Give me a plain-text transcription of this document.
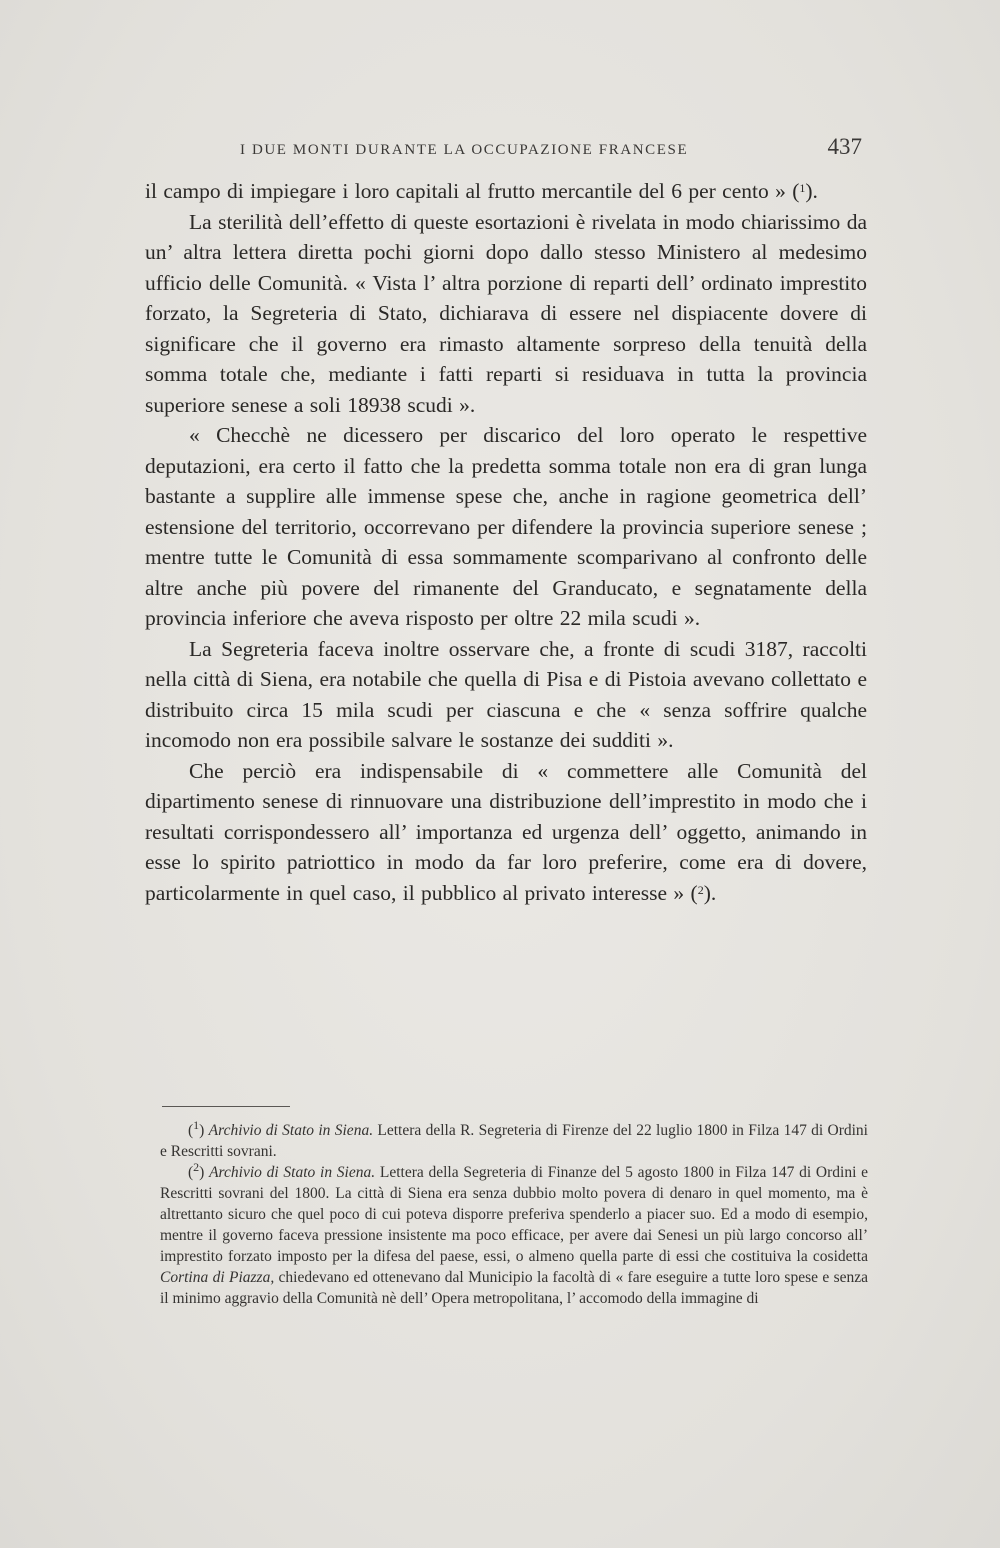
I DUE MONTI DURANTE LA OCCUPAZIONE FRANCESE	437

il campo di impiegare i loro capitali al frutto mercantile del 6 per cento » ($^1$).

La sterilità dell’effetto di queste esortazioni è rivelata in modo chiarissimo da un’ altra lettera diretta pochi giorni dopo dallo stesso Ministero al medesimo ufficio delle Comunità. « Vista l’ altra porzione di reparti dell’ ordinato imprestito forzato, la Segreteria di Stato, dichiarava di essere nel dispiacente dovere di significare che il governo era rimasto altamente sorpreso della tenuità della somma totale che, mediante i fatti reparti si residuava in tutta la provincia superiore senese a soli 18938 scudi ».

« Checchè ne dicessero per discarico del loro operato le respettive deputazioni, era certo il fatto che la predetta somma totale non era di gran lunga bastante a supplire alle immense spese che, anche in ragione geometrica dell’ estensione del territorio, occorrevano per difendere la provincia superiore senese ; mentre tutte le Comunità di essa sommamente scomparivano al confronto delle altre anche più povere del rimanente del Granducato, e segnatamente della provincia inferiore che aveva risposto per oltre 22 mila scudi ».

La Segreteria faceva inoltre osservare che, a fronte di scudi 3187, raccolti nella città di Siena, era notabile che quella di Pisa e di Pistoia avevano collettato e distribuito circa 15 mila scudi per ciascuna e che « senza soffrire qualche incomodo non era possibile salvare le sostanze dei sudditi ».

Che perciò era indispensabile di « commettere alle Comunità del dipartimento senese di rinnuovare una distribuzione dell’imprestito in modo che i resultati corrispondessero all’ importanza ed urgenza dell’ oggetto, animando in esse lo spirito patriottico in modo da far loro preferire, come era di dovere, particolarmente in quel caso, il pubblico al privato interesse » ($^2$).

($^1$) Archivio di Stato in Siena. Lettera della R. Segreteria di Firenze del 22 luglio 1800 in Filza 147 di Ordini e Rescritti sovrani.

($^2$) Archivio di Stato in Siena. Lettera della Segreteria di Finanze del 5 agosto 1800 in Filza 147 di Ordini e Rescritti sovrani del 1800. La città di Siena era senza dubbio molto povera di denaro in quel momento, ma è altrettanto sicuro che quel poco di cui poteva disporre preferiva spenderlo a piacer suo. Ed a modo di esempio, mentre il governo faceva pressione insistente ma poco efficace, per avere dai Senesi un più largo concorso all’ imprestito forzato imposto per la difesa del paese, essi, o almeno quella parte di essi che costituiva la cosidetta Cortina di Piazza, chiedevano ed ottenevano dal Municipio la facoltà di « fare eseguire a tutte loro spese e senza il minimo aggravio della Comunità nè dell’ Opera metropolitana, l’ accomodo della immagine di
